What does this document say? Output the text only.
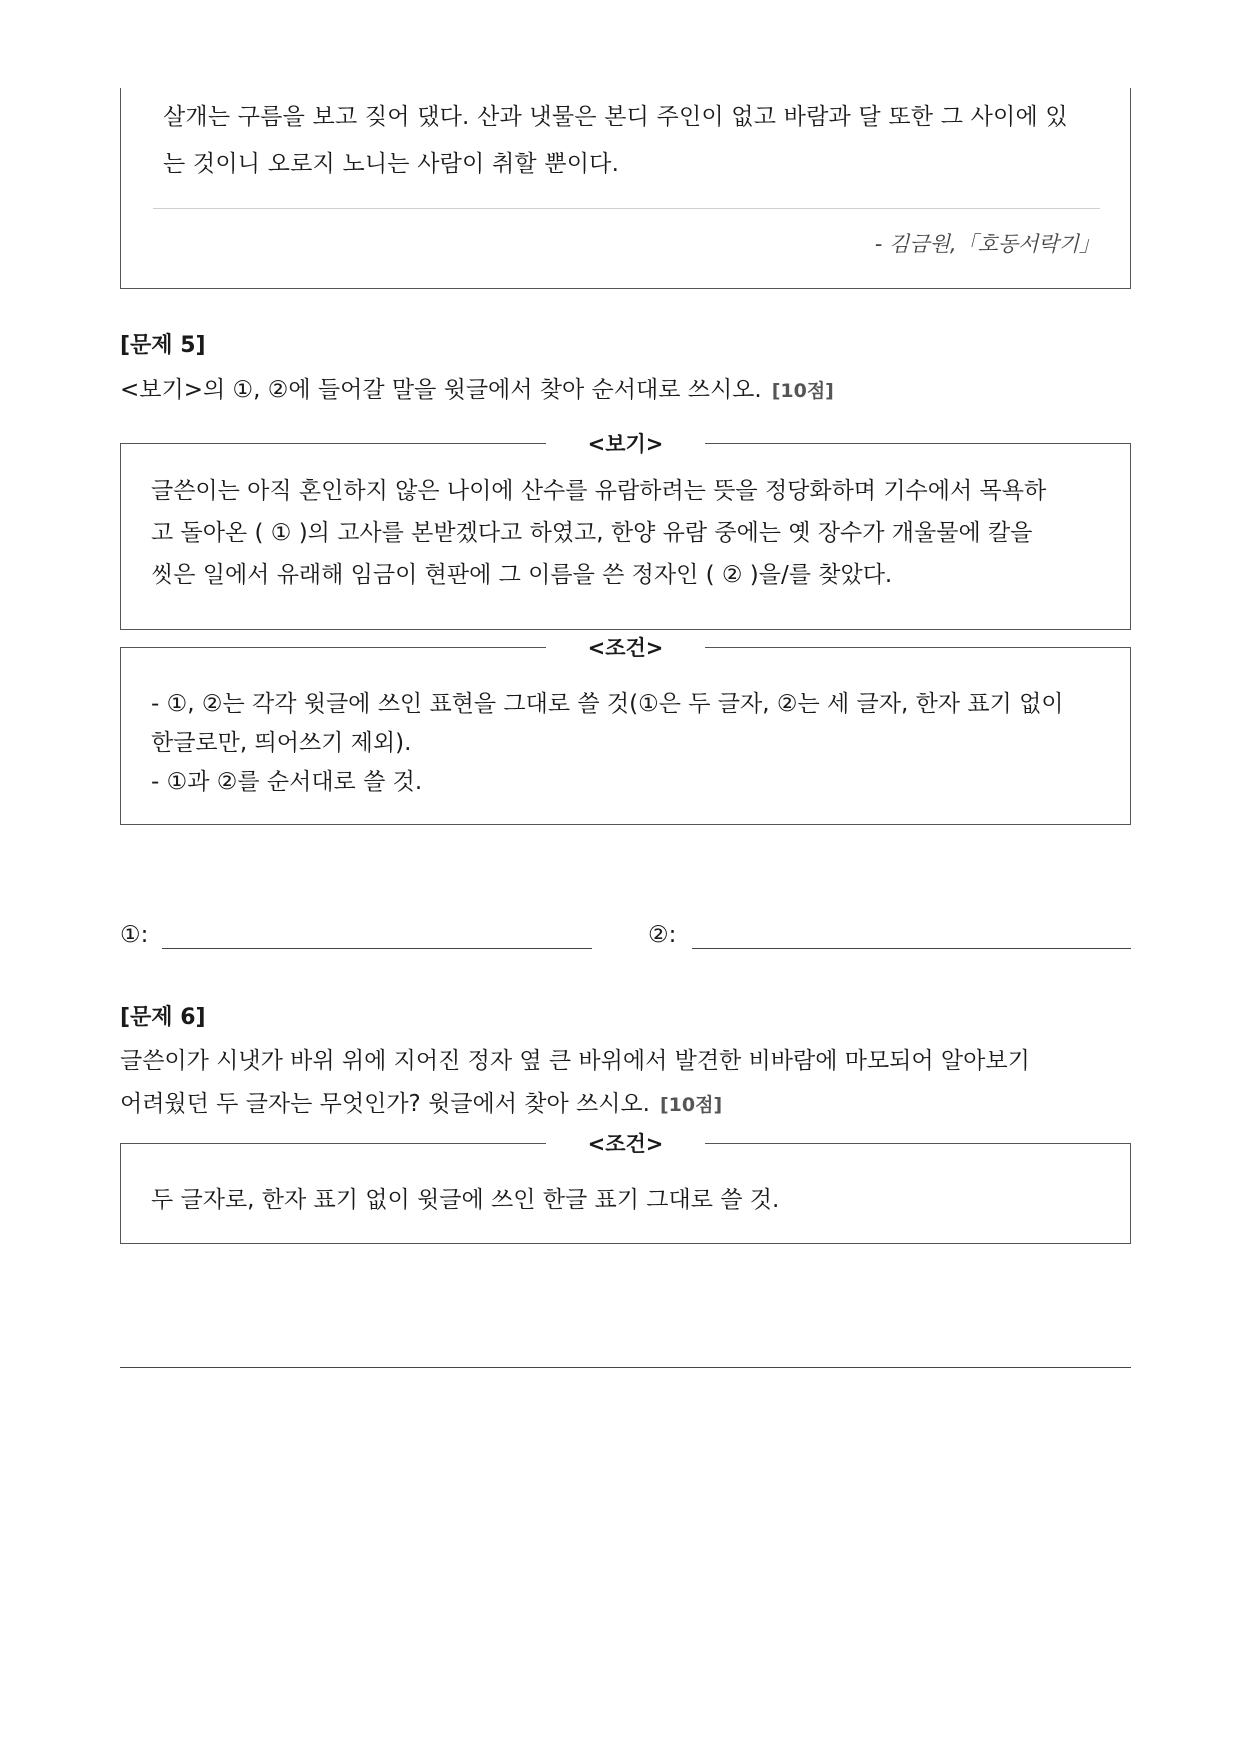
살개는 구름을 보고 짖어 댔다. 산과 냇물은 본디 주인이 없고 바람과 달 또한 그 사이에 있
는 것이니 오로지 노니는 사람이 취할 뿐이다.
- 김금원,「호동서락기」
[문제 5]
<보기>의 ①, ②에 들어갈 말을 윗글에서 찾아 순서대로 쓰시오. [10점]
<보기>
글쓴이는 아직 혼인하지 않은 나이에 산수를 유람하려는 뜻을 정당화하며 기수에서 목욕하
고 돌아온 ( ① )의 고사를 본받겠다고 하였고, 한양 유람 중에는 옛 장수가 개울물에 칼을
씻은 일에서 유래해 임금이 현판에 그 이름을 쓴 정자인 ( ② )을/를 찾았다.
<조건>
- ①, ②는 각각 윗글에 쓰인 표현을 그대로 쓸 것(①은 두 글자, ②는 세 글자, 한자 표기 없이
한글로만, 띄어쓰기 제외).
- ①과 ②를 순서대로 쓸 것.
①:	②:
[문제 6]
글쓴이가 시냇가 바위 위에 지어진 정자 옆 큰 바위에서 발견한 비바람에 마모되어 알아보기
어려웠던 두 글자는 무엇인가? 윗글에서 찾아 쓰시오. [10점]
<조건>
두 글자로, 한자 표기 없이 윗글에 쓰인 한글 표기 그대로 쓸 것.
